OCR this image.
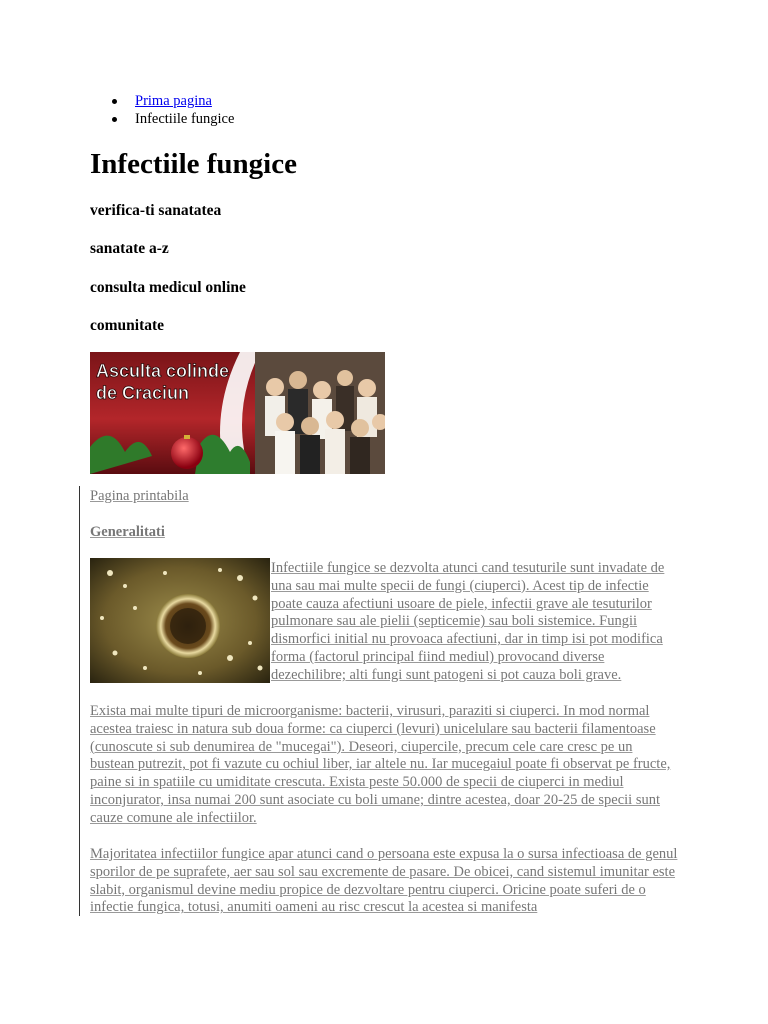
Prima pagina
Infectiile fungice
Infectiile fungice
verifica-ti sanatatea
sanatate a-z
consulta medicul online
comunitate
Asculta colinde
de Craciun
Pagina printabila
Generalitati

Infectiile fungice se dezvolta atunci cand tesuturile sunt invadate de una sau mai multe specii de fungi (ciuperci). Acest tip de infectie poate cauza afectiuni usoare de piele, infectii grave ale tesuturilor pulmonare sau ale pielii (septicemie) sau boli sistemice. Fungii dismorfici initial nu provoaca afectiuni, dar in timp isi pot modifica forma (factorul principal fiind mediul) provocand diverse dezechilibre; alti fungi sunt patogeni si pot cauza boli grave.

Exista mai multe tipuri de microorganisme: bacterii, virusuri, paraziti si ciuperci. In mod normal acestea traiesc in natura sub doua forme: ca ciuperci (levuri) unicelulare sau bacterii filamentoase (cunoscute si sub denumirea de "mucegai"). Deseori, ciupercile, precum cele care cresc pe un bustean putrezit, pot fi vazute cu ochiul liber, iar altele nu. Iar mucegaiul poate fi observat pe fructe, paine si in spatiile cu umiditate crescuta. Exista peste 50.000 de specii de ciuperci in mediul inconjurator, insa numai 200 sunt asociate cu boli umane; dintre acestea, doar 20-25 de specii sunt cauze comune ale infectiilor.

Majoritatea infectiilor fungice apar atunci cand o persoana este expusa la o sursa infectioasa de genul sporilor de pe suprafete, aer sau sol sau excremente de pasare. De obicei, cand sistemul imunitar este slabit, organismul devine mediu propice de dezvoltare pentru ciuperci. Oricine poate suferi de o infectie fungica, totusi, anumiti oameni au risc crescut la acestea si manifesta
